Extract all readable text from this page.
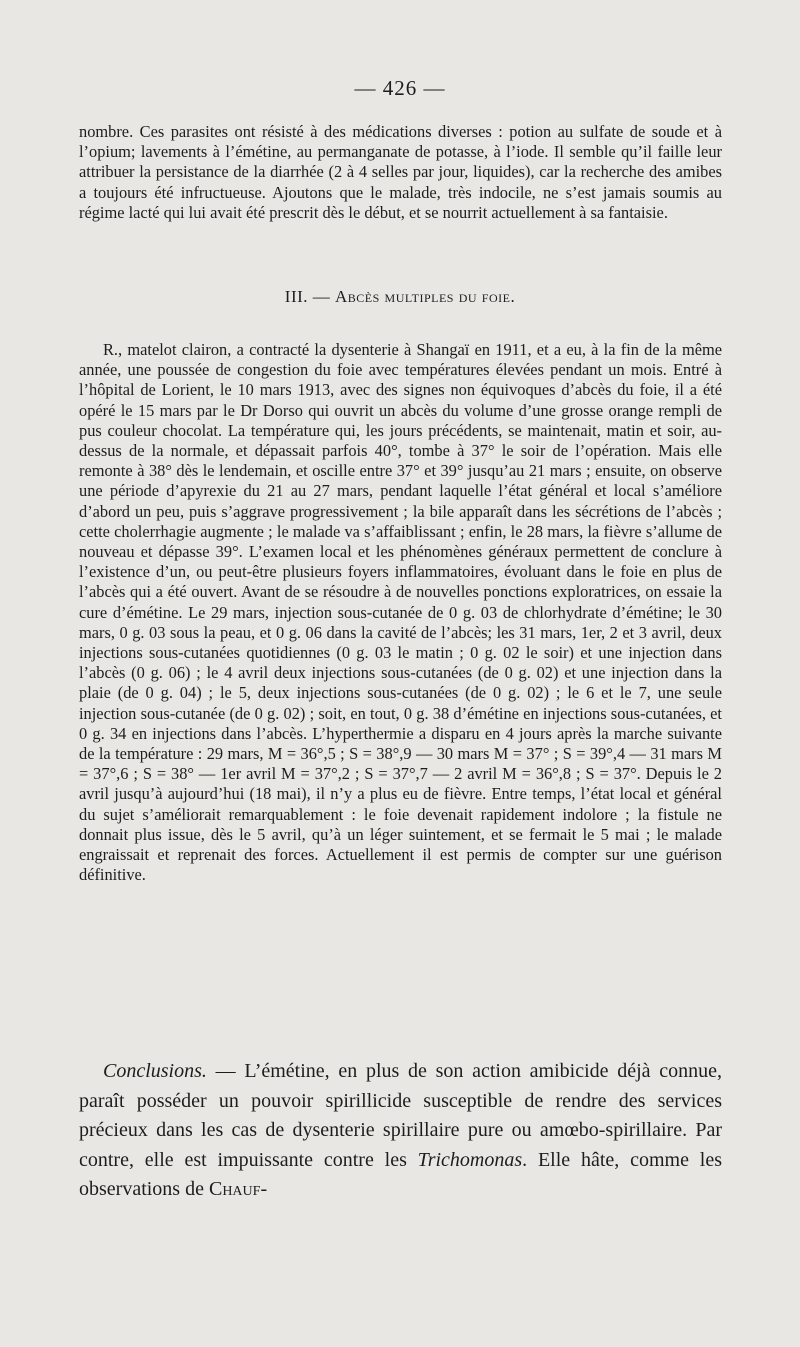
— 426 —

nombre. Ces parasites ont résisté à des médications diverses : potion au sulfate de soude et à l’opium; lavements à l’émétine, au permanganate de potasse, à l’iode. Il semble qu’il faille leur attribuer la persistance de la diarrhée (2 à 4 selles par jour, liquides), car la recherche des amibes a toujours été infructueuse. Ajoutons que le malade, très indocile, ne s’est jamais soumis au régime lacté qui lui avait été prescrit dès le début, et se nourrit actuellement à sa fantaisie.

III. — Abcès multiples du foie.

R., matelot clairon, a contracté la dysenterie à Shangaï en 1911, et a eu, à la fin de la même année, une poussée de congestion du foie avec températures élevées pendant un mois. Entré à l’hôpital de Lorient, le 10 mars 1913, avec des signes non équivoques d’abcès du foie, il a été opéré le 15 mars par le Dr Dorso qui ouvrit un abcès du volume d’une grosse orange rempli de pus couleur chocolat. La température qui, les jours précédents, se maintenait, matin et soir, au-dessus de la normale, et dépassait parfois 40°, tombe à 37° le soir de l’opération. Mais elle remonte à 38° dès le lendemain, et oscille entre 37° et 39° jusqu’au 21 mars ; ensuite, on observe une période d’apyrexie du 21 au 27 mars, pendant laquelle l’état général et local s’améliore d’abord un peu, puis s’aggrave progressivement ; la bile apparaît dans les sécrétions de l’abcès ; cette cholerrhagie augmente ; le malade va s’affaiblissant ; enfin, le 28 mars, la fièvre s’allume de nouveau et dépasse 39°. L’examen local et les phénomènes généraux permettent de conclure à l’existence d’un, ou peut-être plusieurs foyers inflammatoires, évoluant dans le foie en plus de l’abcès qui a été ouvert. Avant de se résoudre à de nouvelles ponctions exploratrices, on essaie la cure d’émétine. Le 29 mars, injection sous-cutanée de 0 g. 03 de chlorhydrate d’émétine; le 30 mars, 0 g. 03 sous la peau, et 0 g. 06 dans la cavité de l’abcès; les 31 mars, 1er, 2 et 3 avril, deux injections sous-cutanées quotidiennes (0 g. 03 le matin ; 0 g. 02 le soir) et une injection dans l’abcès (0 g. 06) ; le 4 avril deux injections sous-cutanées (de 0 g. 02) et une injection dans la plaie (de 0 g. 04) ; le 5, deux injections sous-cutanées (de 0 g. 02) ; le 6 et le 7, une seule injection sous-cutanée (de 0 g. 02) ; soit, en tout, 0 g. 38 d’émétine en injections sous-cutanées, et 0 g. 34 en injections dans l’abcès. L’hyperthermie a disparu en 4 jours après la marche suivante de la température : 29 mars, M = 36°,5 ; S = 38°,9 — 30 mars M = 37° ; S = 39°,4 — 31 mars M = 37°,6 ; S = 38° — 1er avril M = 37°,2 ; S = 37°,7 — 2 avril M = 36°,8 ; S = 37°. Depuis le 2 avril jusqu’à aujourd’hui (18 mai), il n’y a plus eu de fièvre. Entre temps, l’état local et général du sujet s’améliorait remarquablement : le foie devenait rapidement indolore ; la fistule ne donnait plus issue, dès le 5 avril, qu’à un léger suintement, et se fermait le 5 mai ; le malade engraissait et reprenait des forces. Actuellement il est permis de compter sur une guérison définitive.

Conclusions. — L’émétine, en plus de son action amibicide déjà connue, paraît posséder un pouvoir spirillicide susceptible de rendre des services précieux dans les cas de dysenterie spirillaire pure ou amœbo-spirillaire. Par contre, elle est impuissante contre les Trichomonas. Elle hâte, comme les observations de Chauf-
